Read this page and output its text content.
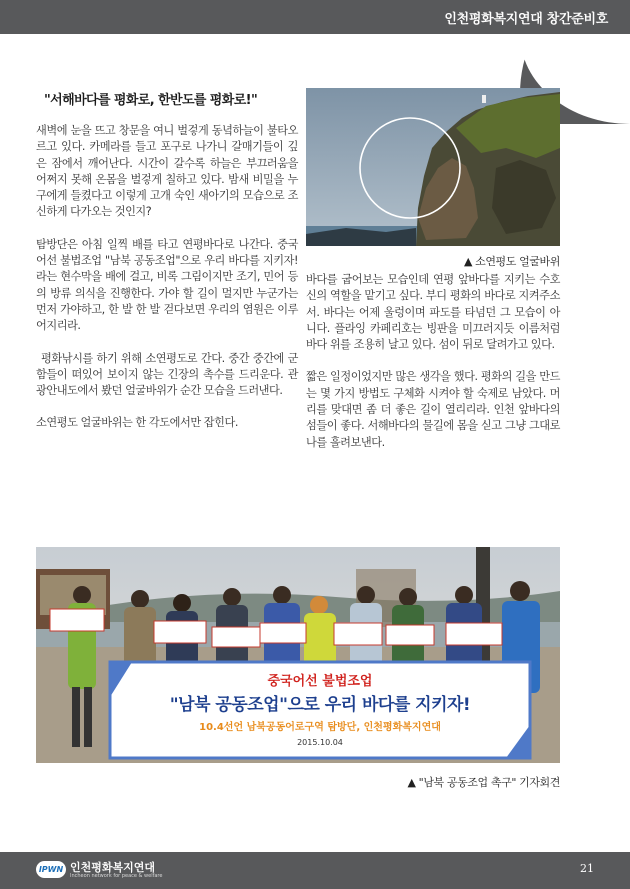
인천평화복지연대 창간준비호
"서해바다를 평화로, 한반도를 평화로!"

새벽에 눈을 뜨고 창문을 여니 벌겋게 동녘하늘이 불타오르고 있다. 카메라를 들고 포구로 나가니 갈매기들이 깊은 잠에서 깨어난다. 시간이 갈수록 하늘은 부끄러움을 어쩌지 못해 온몸을 벌겋게 칠하고 있다. 밤새 비밀을 누구에게 들켰다고 이렇게 고개 숙인 새아기의 모습으로 조신하게 다가오는 것인지?

탐방단은 아침 일찍 배를 타고 연평바다로 나간다. 중국어선 불법조업 "남북 공동조업"으로 우리 바다를 지키자! 라는 현수막을 배에 걸고, 비록 그림이지만 조기, 민어 등의 방류 의식을 진행한다. 가야 할 길이 멀지만 누군가는 먼저 가야하고, 한 발 한 발 걷다보면 우리의 염원은 이루어지리라.

평화낚시를 하기 위해 소연평도로 간다. 중간 중간에 군함들이 떠있어 보이지 않는 긴장의 촉수를 드리운다. 관광안내도에서 봤던 얼굴바위가 순간 모습을 드러낸다.

소연평도 얼굴바위는 한 각도에서만 잡힌다.

▲ 소연평도 얼굴바위

바다를 굽어보는 모습인데 연평 앞바다를 지키는 수호신의 역할을 맡기고 싶다. 부디 평화의 바다로 지켜주소서. 바다는 어제 울렁이며 파도를 타넘던 그 모습이 아니다. 플라잉 카페리호는 빙판을 미끄러지듯 이름처럼 바다 위를 조용히 날고 있다. 섬이 뒤로 달려가고 있다.

짧은 일정이었지만 많은 생각을 했다. 평화의 길을 만드는 몇 가지 방법도 구체화 시켜야 할 숙제로 남았다. 머리를 맞대면 좀 더 좋은 길이 열리리라. 인천 앞바다의 섬들이 좋다. 서해바다의 물길에 몸을 싣고 그냥 그대로 나를 흘려보낸다.

중국어선 불법조업
"남북 공동조업"으로 우리 바다를 지키자!
10.4선언 남북공동어로구역 탐방단, 인천평화복지연대
2015.10.04
▲ "남북 공동조업 촉구" 기자회견
IPWN 인천평화복지연대
Incheon network for peace & welfare
21
